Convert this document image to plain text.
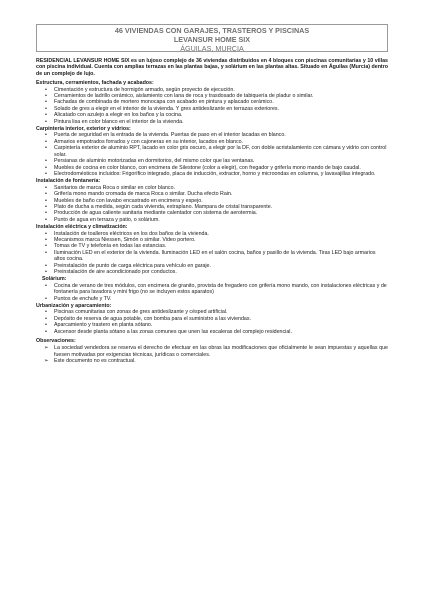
46 VIVIENDAS CON GARAJES, TRASTEROS Y PISCINAS
LEVANSUR HOME SIX
ÁGUILAS, MURCIA

RESIDENCIAL LEVANSUR HOME SIX es un lujoso complejo de 36 viviendas distribuidos en 4 bloques con piscinas comunitarias y 10 villas con piscina individual. Cuenta con amplias terrazas en las plantas bajas, y solárium en las plantas altas. Situado en Águilas (Murcia) dentro de un complejo de lujo.

Estructura, cerramientos, fachada y acabados:
• Cimentación y estructura de hormigón armado, según proyecto de ejecución.
• Cerramientos de ladrillo cerámico, aislamiento con lana de roca y trasdosado de tabiquería de pladur o similar.
• Fachadas de combinada de mortero monocapa con acabado en pintura y aplacado cerámico.
• Solado de gres a elegir en el interior de la vivienda. Y gres antideslizante en terrazas exteriores.
• Alicatado con azulejo a elegir en los baños y la cocina.
• Pintura lisa en color blanco en el interior de la vivienda.
Carpintería interior, exterior y vidrios:
• Puerta de seguridad en la entrada de la vivienda. Puertas de paso en el interior lacadas en blanco.
• Armarios empotrados forrados y con cajoneras en su interior, lacados en blanco.
• Carpintería exterior de aluminio RPT, lacado en color gris oscuro, a elegir por la DF, con doble acristalamiento con cámara y vidrio con control solar.
• Persianas de aluminio motorizadas en dormitorios, del mismo color que las ventanas.
• Muebles de cocina en color blanco, con encimera de Silestone (color a elegir), con fregador y grifería mono mando de bajo caudal.
• Electrodomésticos incluidos: Frigorífico integrado, placa de inducción, extractor, horno y microondas en columna, y lavavajillas integrado.
Instalación de fontanería:
• Sanitarios de marca Roca o similar en color blanco.
• Grifería mono mando cromada de marca Roca o similar. Ducha efecto Rain.
• Muebles de baño con lavabo encastrado en encimera y espejo.
• Plato de ducha a medida, según cada vivienda, extraplano. Mampara de cristal transparente.
• Producción de agua caliente sanitaria mediante calentador con sistema de aerotermia.
• Punto de agua en terraza y patio, o solárium.
Instalación eléctrica y climatización:
• Instalación de toalleros eléctricos en los dos baños de la vivienda.
• Mecanismos marca Niessen, Simón o similar. Video portero.
• Tomas de TV y telefonía en todas las estancias.
• Iluminación LED en el exterior de la vivienda. Iluminación LED en el salón cocina, baños y pasillo de la vivienda. Tiras LED bajo armarios altos cocina.
• Preinstalación de punto de carga eléctrica para vehículo en garaje.
• Preinstalación de aire acondicionado por conductos.
Solárium:
• Cocina de verano de tres módulos, con encimera de granito, provista de fregadero con grifería mono mando, con instalaciones eléctricas y de fontanería para lavadora y mini frigo (no se incluyen estos aparatos)
• Puntos de enchufe y TV.
Urbanización y aparcamiento:
• Piscinas comunitarias con zonas de gres antideslizante y césped artificial.
• Depósito de reserva de agua potable, con bomba para el suministro a las viviendas.
• Aparcamiento y trastero en planta sótano.
• Ascensor desde planta sótano a las zonas comunes que unen las escaleras del complejo residencial.
Observaciones:
➢ La sociedad vendedora se reserva el derecho de efectuar en las obras las modificaciones que oficialmente le sean impuestas y aquellas que fuesen motivadas por exigencias técnicas, jurídicas o comerciales.
➢ Este documento no es contractual.
